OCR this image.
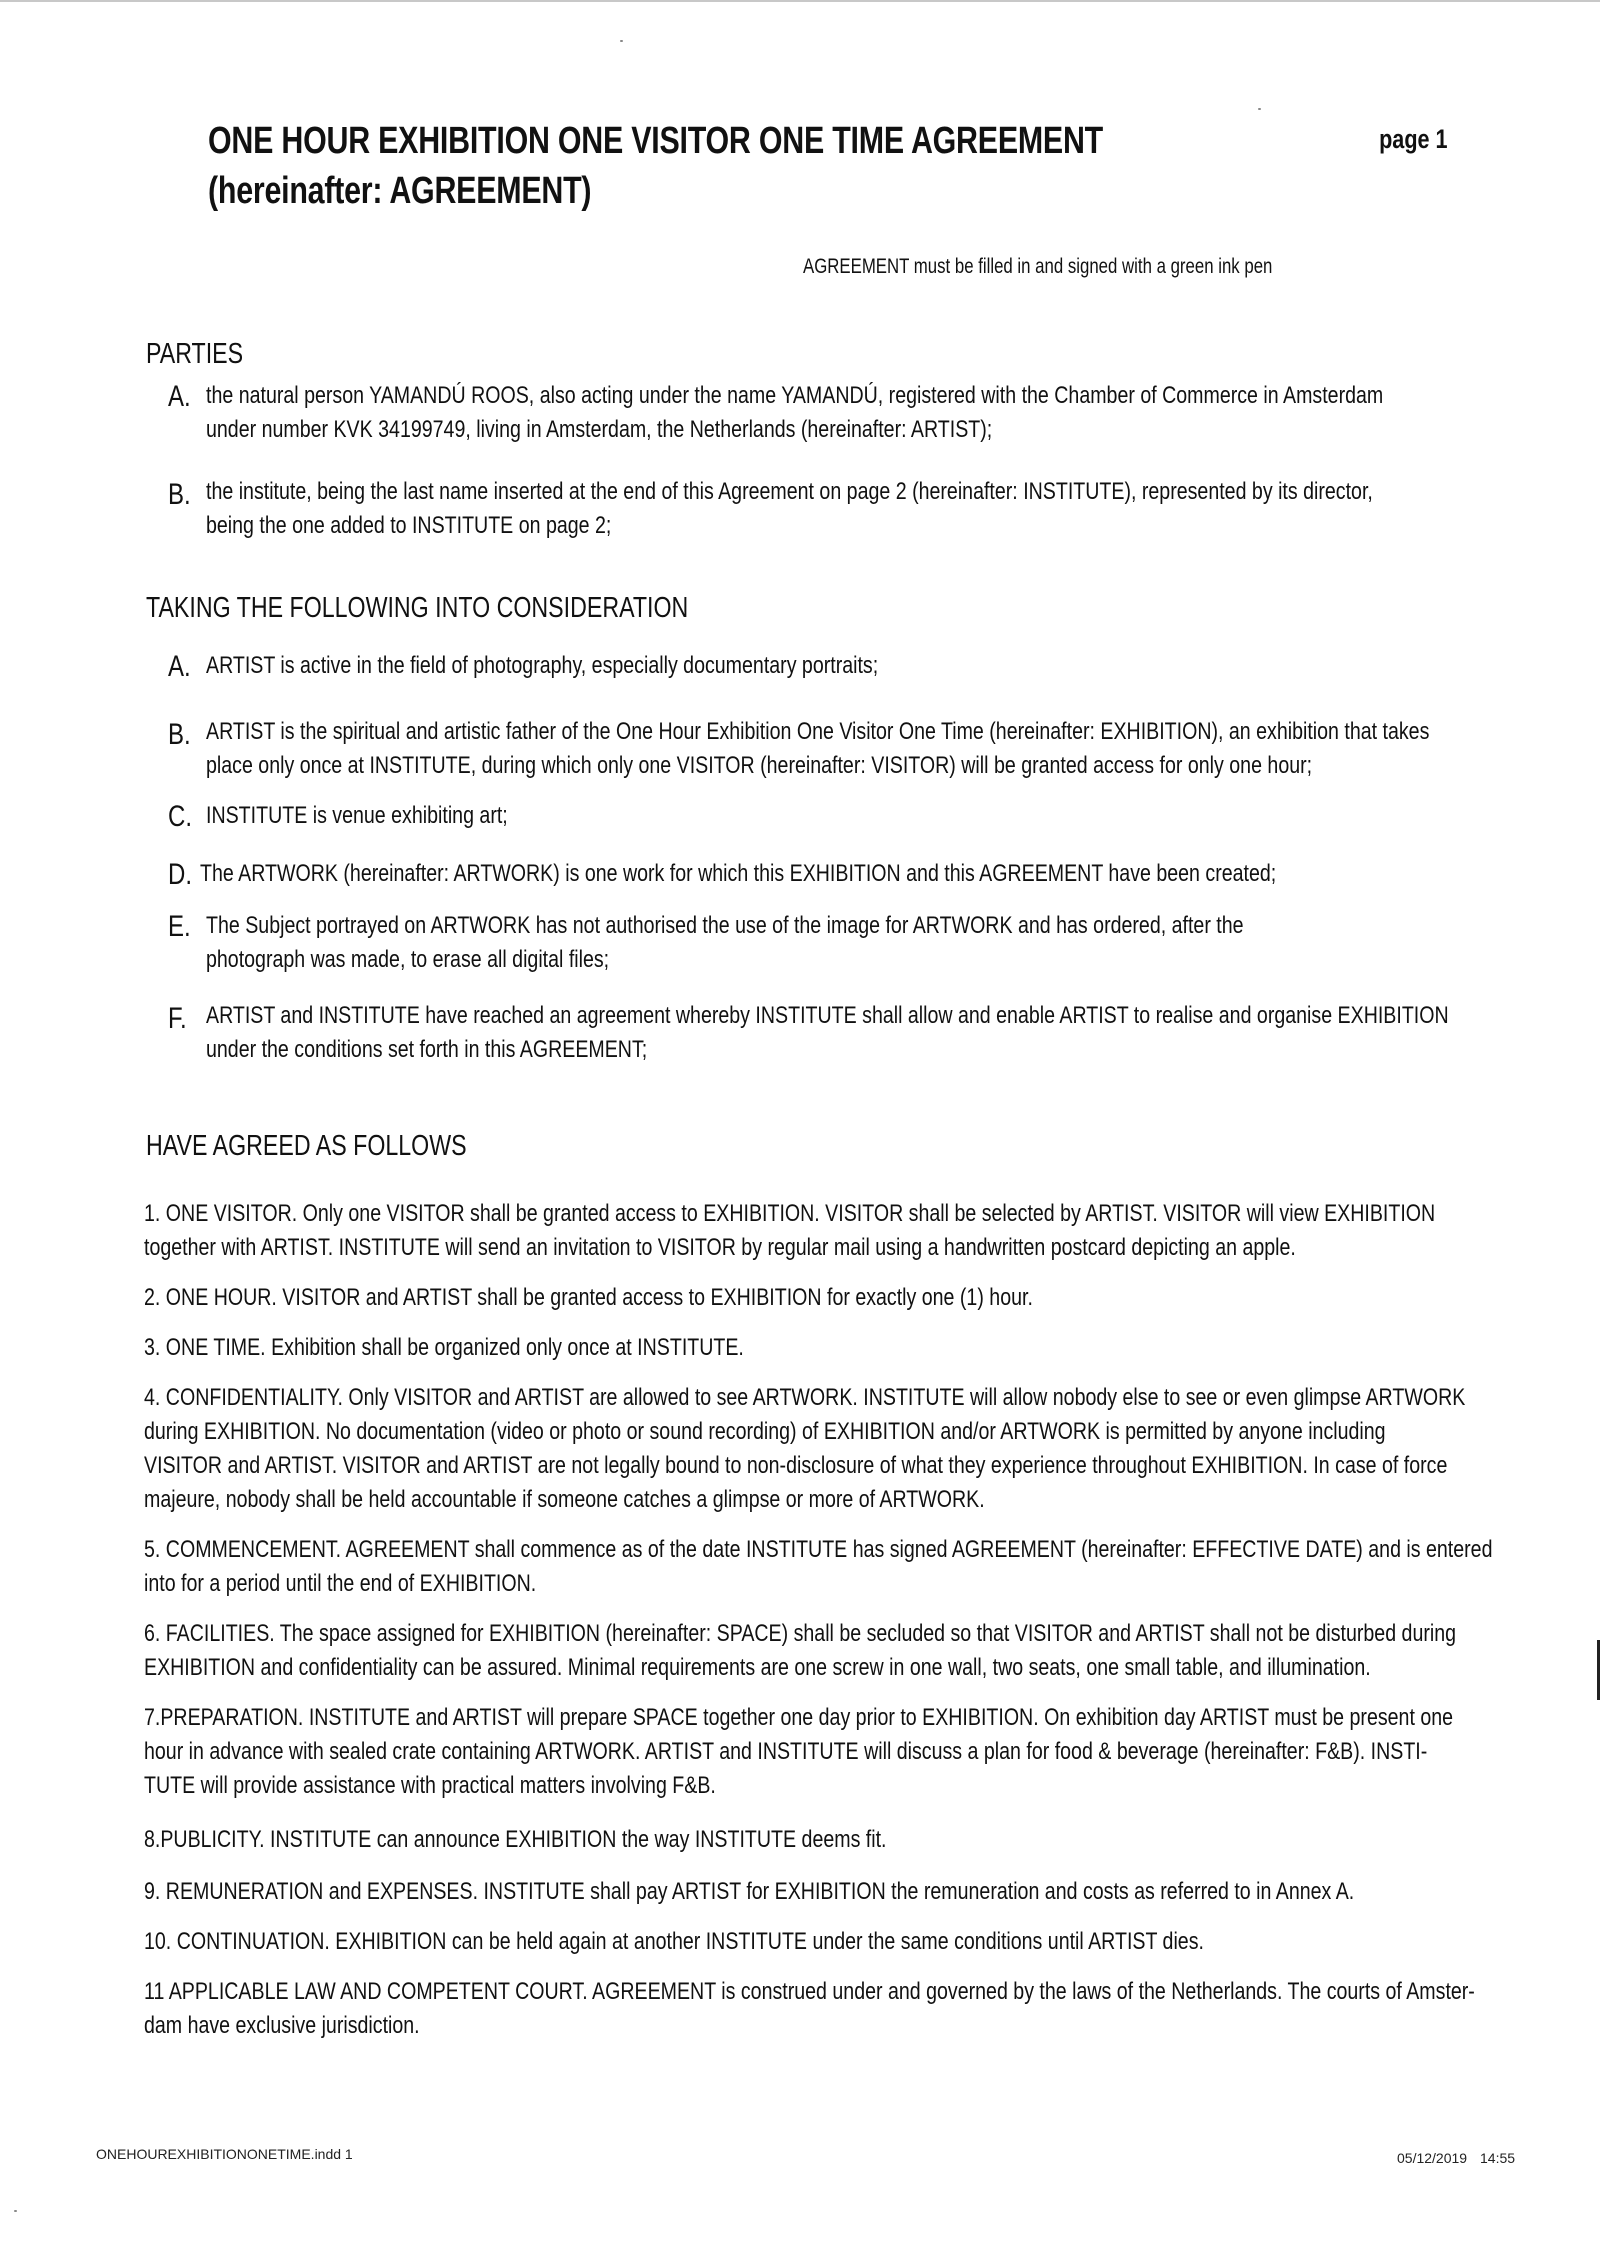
ONE HOUR EXHIBITION ONE VISITOR ONE TIME AGREEMENT
(hereinafter: AGREEMENT)
page 1
AGREEMENT must be filled in and signed with a green ink pen
PARTIES
A. the natural person YAMANDÚ ROOS, also acting under the name YAMANDÚ, registered with the Chamber of Commerce in Amsterdam
under number KVK 34199749, living in Amsterdam, the Netherlands (hereinafter: ARTIST);
B. the institute, being the last name inserted at the end of this Agreement on page 2 (hereinafter: INSTITUTE), represented by its director,
being the one added to INSTITUTE on page 2;
TAKING THE FOLLOWING INTO CONSIDERATION
A. ARTIST is active in the field of photography, especially documentary portraits;
B. ARTIST is the spiritual and artistic father of the One Hour Exhibition One Visitor One Time (hereinafter: EXHIBITION), an exhibition that takes
place only once at INSTITUTE, during which only one VISITOR (hereinafter: VISITOR) will be granted access for only one hour;
C. INSTITUTE is venue exhibiting art;
D. The ARTWORK (hereinafter: ARTWORK) is one work for which this EXHIBITION and this AGREEMENT have been created;
E. The Subject portrayed on ARTWORK has not authorised the use of the image for ARTWORK and has ordered, after the
photograph was made, to erase all digital files;
F. ARTIST and INSTITUTE have reached an agreement whereby INSTITUTE shall allow and enable ARTIST to realise and organise EXHIBITION
under the conditions set forth in this AGREEMENT;
HAVE AGREED AS FOLLOWS
1. ONE VISITOR. Only one VISITOR shall be granted access to EXHIBITION. VISITOR shall be selected by ARTIST. VISITOR will view EXHIBITION
together with ARTIST. INSTITUTE will send an invitation to VISITOR by regular mail using a handwritten postcard depicting an apple.
2. ONE HOUR. VISITOR and ARTIST shall be granted access to EXHIBITION for exactly one (1) hour.
3. ONE TIME. Exhibition shall be organized only once at INSTITUTE.
4. CONFIDENTIALITY. Only VISITOR and ARTIST are allowed to see ARTWORK. INSTITUTE will allow nobody else to see or even glimpse ARTWORK
during EXHIBITION. No documentation (video or photo or sound recording) of EXHIBITION and/or ARTWORK is permitted by anyone including
VISITOR and ARTIST. VISITOR and ARTIST are not legally bound to non-disclosure of what they experience throughout EXHIBITION. In case of force
majeure, nobody shall be held accountable if someone catches a glimpse or more of ARTWORK.
5. COMMENCEMENT. AGREEMENT shall commence as of the date INSTITUTE has signed AGREEMENT (hereinafter: EFFECTIVE DATE) and is entered
into for a period until the end of EXHIBITION.
6. FACILITIES. The space assigned for EXHIBITION (hereinafter: SPACE) shall be secluded so that VISITOR and ARTIST shall not be disturbed during
EXHIBITION and confidentiality can be assured. Minimal requirements are one screw in one wall, two seats, one small table, and illumination.
7.PREPARATION. INSTITUTE and ARTIST will prepare SPACE together one day prior to EXHIBITION. On exhibition day ARTIST must be present one
hour in advance with sealed crate containing ARTWORK. ARTIST and INSTITUTE will discuss a plan for food & beverage (hereinafter: F&B). INSTI-
TUTE will provide assistance with practical matters involving F&B.
8.PUBLICITY. INSTITUTE can announce EXHIBITION the way INSTITUTE deems fit.
9. REMUNERATION and EXPENSES. INSTITUTE shall pay ARTIST for EXHIBITION the remuneration and costs as referred to in Annex A.
10. CONTINUATION. EXHIBITION can be held again at another INSTITUTE under the same conditions until ARTIST dies.
11 APPLICABLE LAW AND COMPETENT COURT. AGREEMENT is construed under and governed by the laws of the Netherlands. The courts of Amster-
dam have exclusive jurisdiction.
ONEHOUREXHIBITIONONETIME.indd 1	05/12/2019 14:55
